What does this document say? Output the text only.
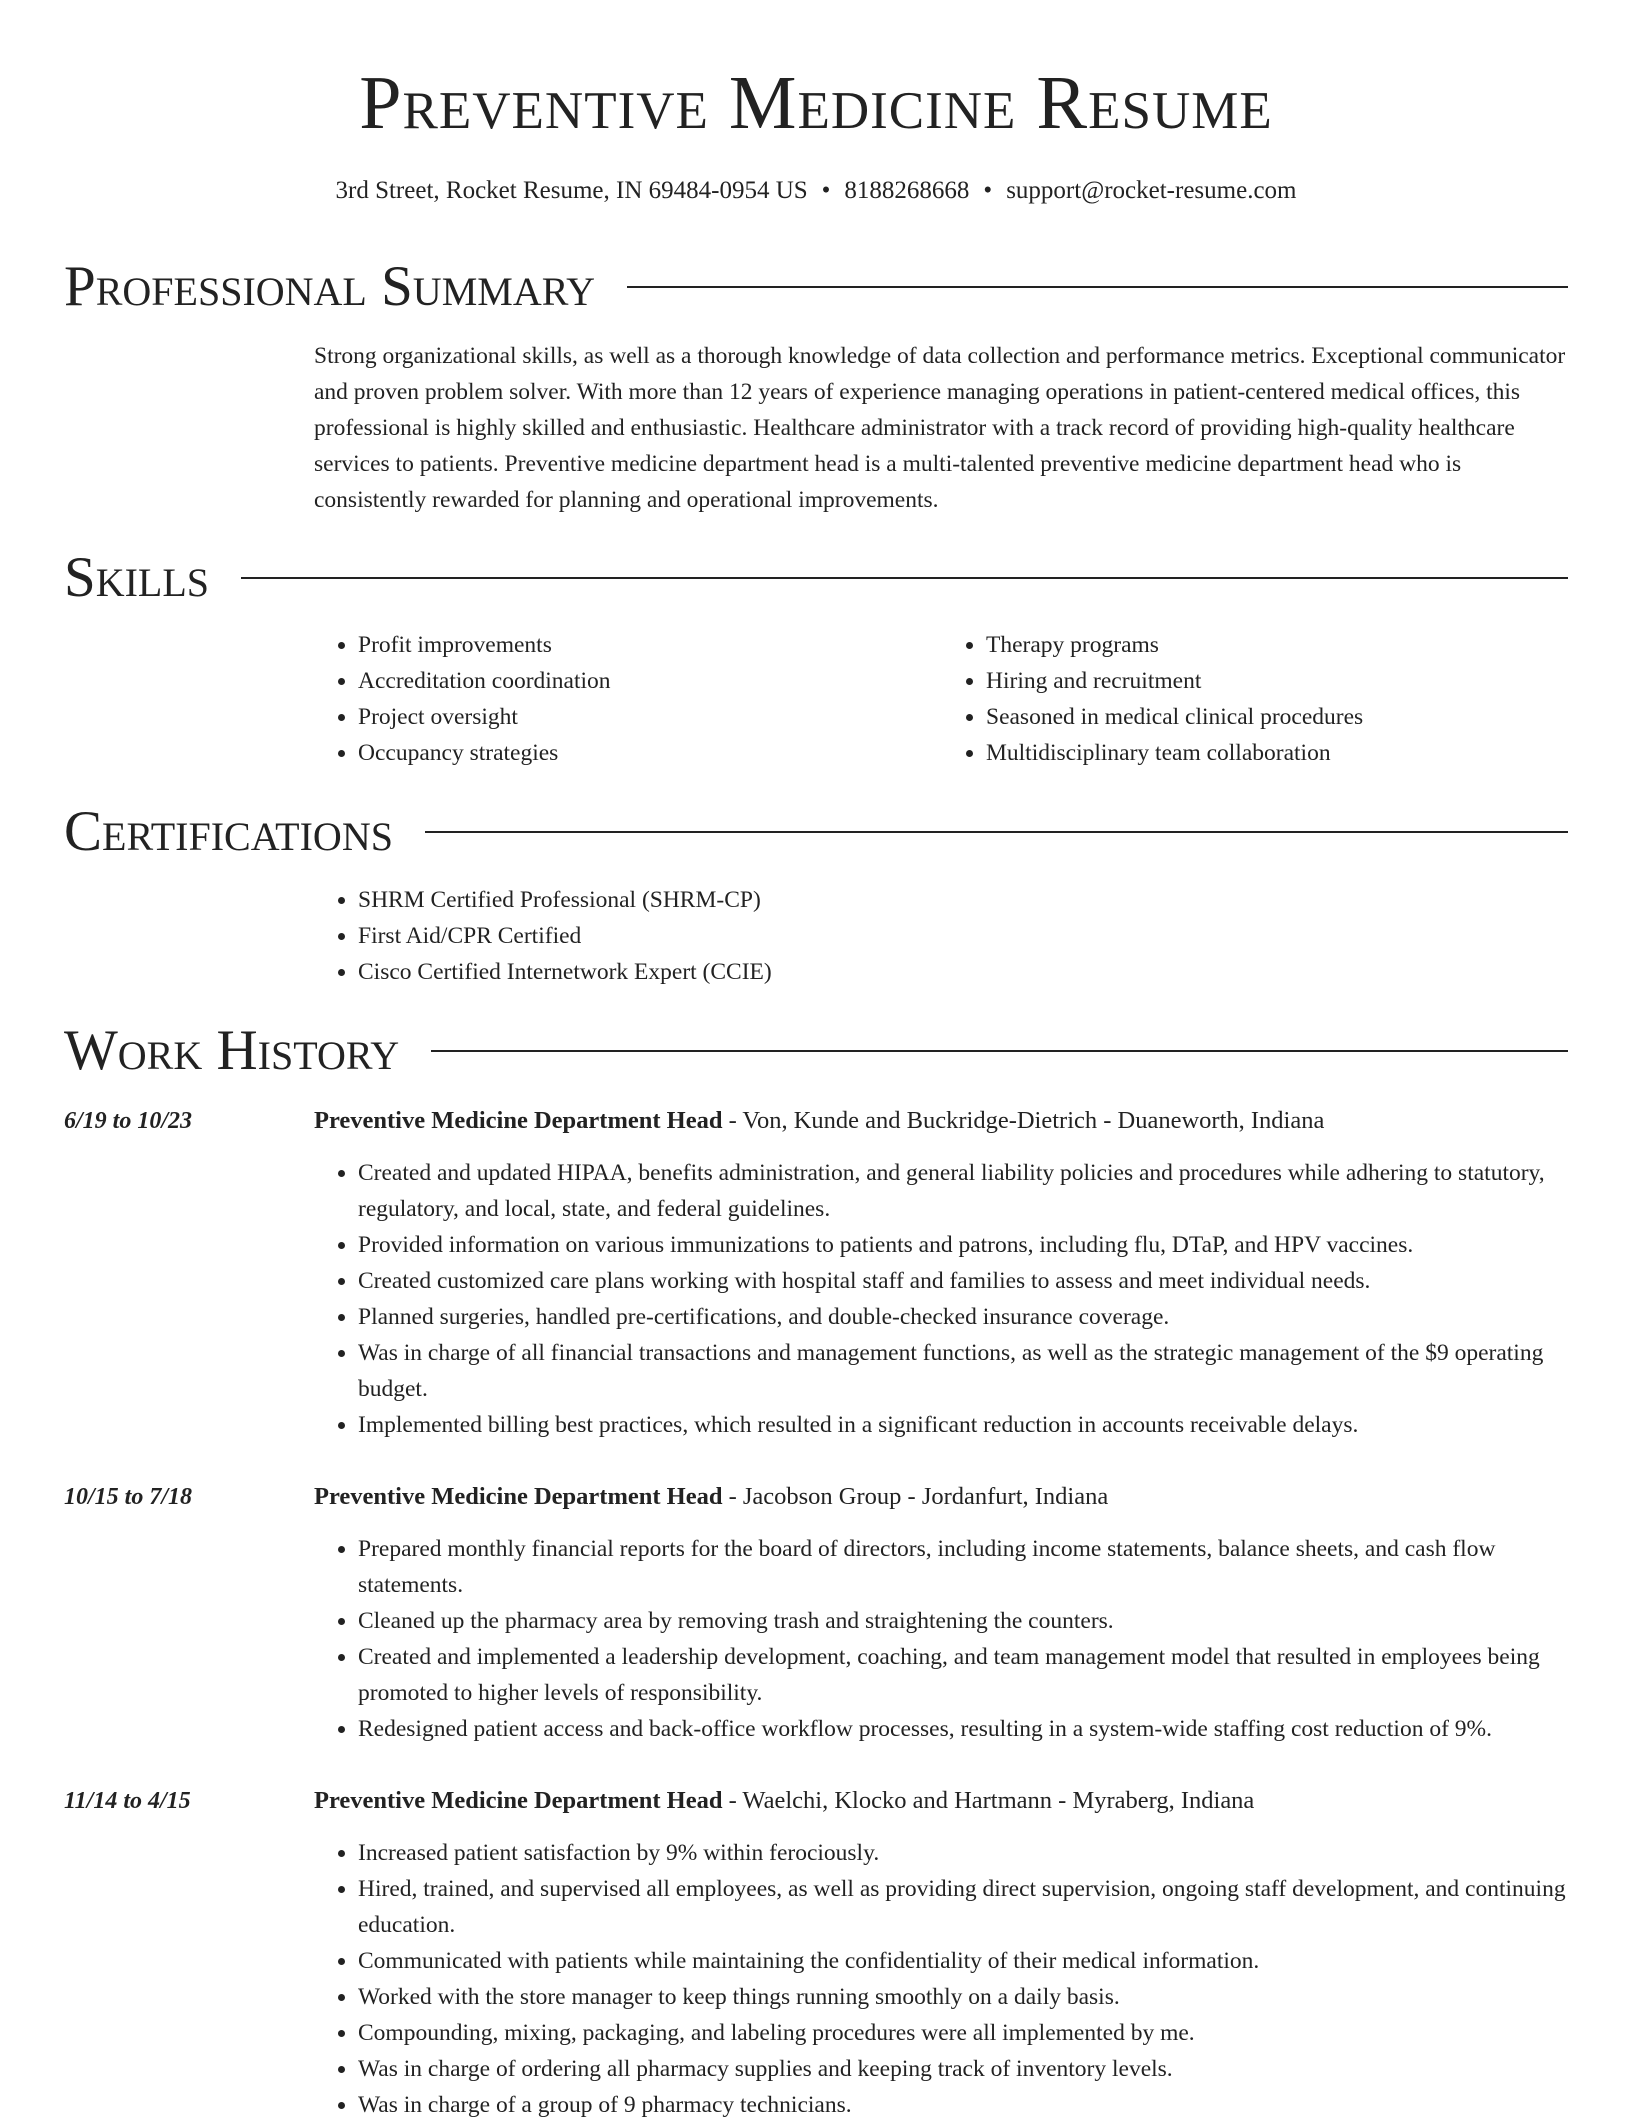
Preventive Medicine Resume
3rd Street, Rocket Resume, IN 69484-0954 US • 8188268668 • support@rocket-resume.com
Professional Summary
Strong organizational skills, as well as a thorough knowledge of data collection and performance metrics. Exceptional communicator and proven problem solver. With more than 12 years of experience managing operations in patient-centered medical offices, this professional is highly skilled and enthusiastic. Healthcare administrator with a track record of providing high-quality healthcare services to patients. Preventive medicine department head is a multi-talented preventive medicine department head who is consistently rewarded for planning and operational improvements.
Skills
• Profit improvements
• Accreditation coordination
• Project oversight
• Occupancy strategies
• Therapy programs
• Hiring and recruitment
• Seasoned in medical clinical procedures
• Multidisciplinary team collaboration
Certifications
• SHRM Certified Professional (SHRM-CP)
• First Aid/CPR Certified
• Cisco Certified Internetwork Expert (CCIE)
Work History
6/19 to 10/23	Preventive Medicine Department Head - Von, Kunde and Buckridge-Dietrich - Duaneworth, Indiana
• Created and updated HIPAA, benefits administration, and general liability policies and procedures while adhering to statutory, regulatory, and local, state, and federal guidelines.
• Provided information on various immunizations to patients and patrons, including flu, DTaP, and HPV vaccines.
• Created customized care plans working with hospital staff and families to assess and meet individual needs.
• Planned surgeries, handled pre-certifications, and double-checked insurance coverage.
• Was in charge of all financial transactions and management functions, as well as the strategic management of the $9 operating budget.
• Implemented billing best practices, which resulted in a significant reduction in accounts receivable delays.
10/15 to 7/18	Preventive Medicine Department Head - Jacobson Group - Jordanfurt, Indiana
• Prepared monthly financial reports for the board of directors, including income statements, balance sheets, and cash flow statements.
• Cleaned up the pharmacy area by removing trash and straightening the counters.
• Created and implemented a leadership development, coaching, and team management model that resulted in employees being promoted to higher levels of responsibility.
• Redesigned patient access and back-office workflow processes, resulting in a system-wide staffing cost reduction of 9%.
11/14 to 4/15	Preventive Medicine Department Head - Waelchi, Klocko and Hartmann - Myraberg, Indiana
• Increased patient satisfaction by 9% within ferociously.
• Hired, trained, and supervised all employees, as well as providing direct supervision, ongoing staff development, and continuing education.
• Communicated with patients while maintaining the confidentiality of their medical information.
• Worked with the store manager to keep things running smoothly on a daily basis.
• Compounding, mixing, packaging, and labeling procedures were all implemented by me.
• Was in charge of ordering all pharmacy supplies and keeping track of inventory levels.
• Was in charge of a group of 9 pharmacy technicians.
